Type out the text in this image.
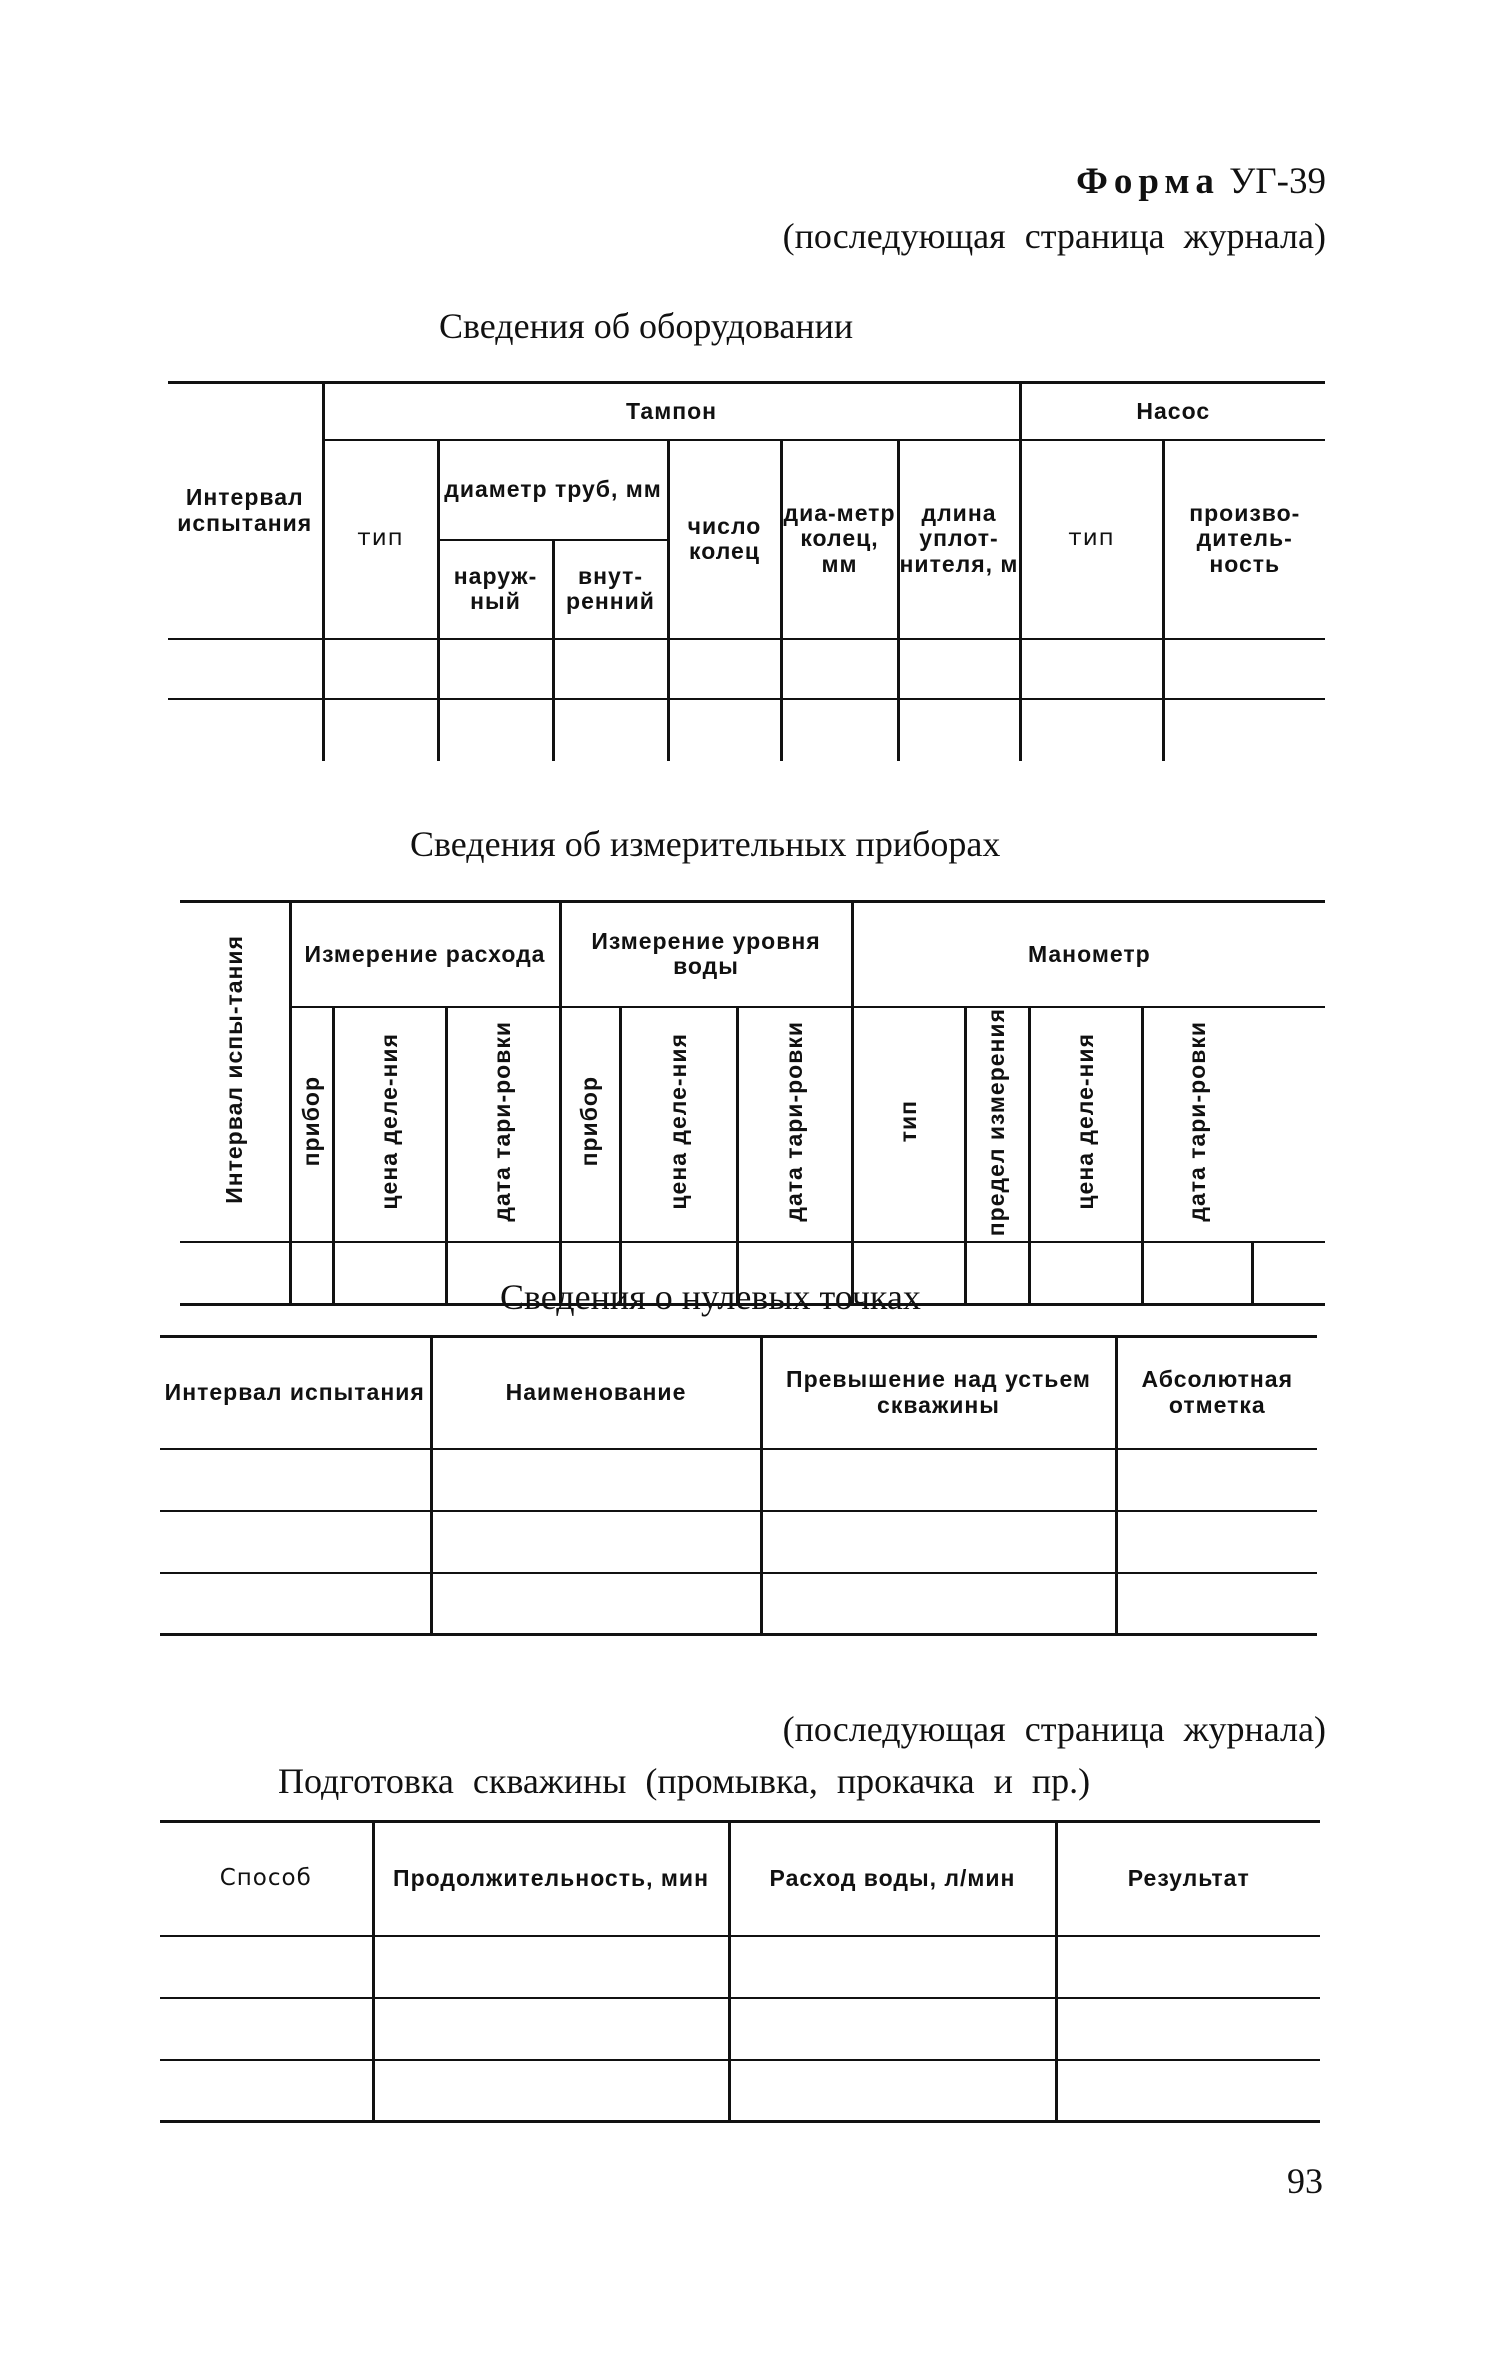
Форма УГ-39
(последующая страница журнала)
Сведения об оборудовании
Интервал испытания	Тампон						Насос	
	тип	диаметр труб, мм		число колец	диа-метр колец, мм	длина уплот-нителя, м	тип	произво-дитель-ность
		наруж-ный	внут-ренний					

Сведения об измерительных приборах
Интервал испы-тания	Измерение расхода			Измерение уровня воды			Манометр				
	прибор	цена деле-ния	дата тари-ровки	прибор	цена деле-ния	дата тари-ровки	тип	предел измерения	цена деле-ния	дата тари-ровки	

Сведения о нулевых точках
Интервал испытания	Наименование	Превышение над устьем скважины	Абсолютная отметка

(последующая страница журнала)
Подготовка скважины (промывка, прокачка и пр.)
Способ	Продолжительность, мин	Расход воды, л/мин	Результат

93
